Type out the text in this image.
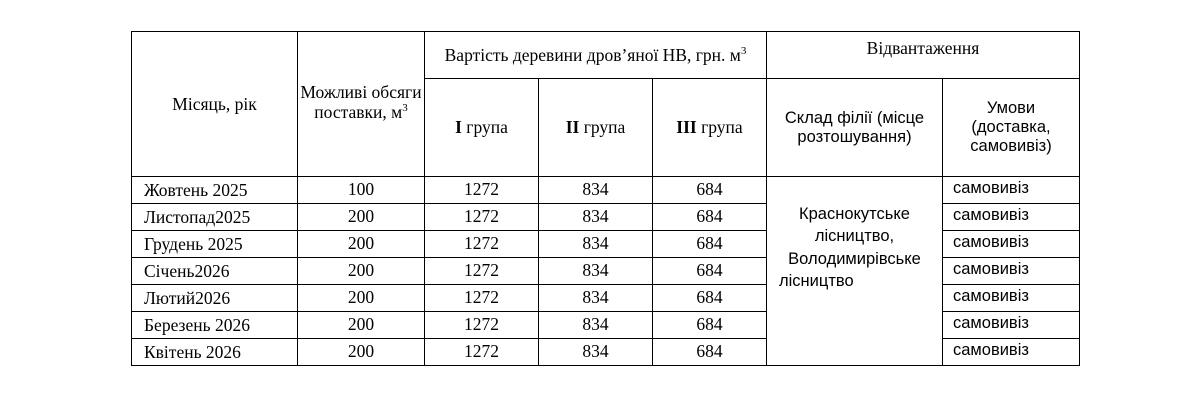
Місяць, рік	Можливі обсяги поставки, $м^3$	Вартість деревини дров’яної НВ, грн. $м^3$			Відвантаження	
		I група	II група	III група	Склад філії (місце розтошування)	Умови (доставка, самовивіз)
Жовтень 2025	100	1272	834	684	Краснокутське
лісництво,
Володимирівське
лісництво	самовивіз
Листопад2025	200	1272	834	684		самовивіз
Грудень 2025	200	1272	834	684		самовивіз
Січень2026	200	1272	834	684		самовивіз
Лютий2026	200	1272	834	684		самовивіз
Березень 2026	200	1272	834	684		самовивіз
Квітень 2026	200	1272	834	684		самовивіз
